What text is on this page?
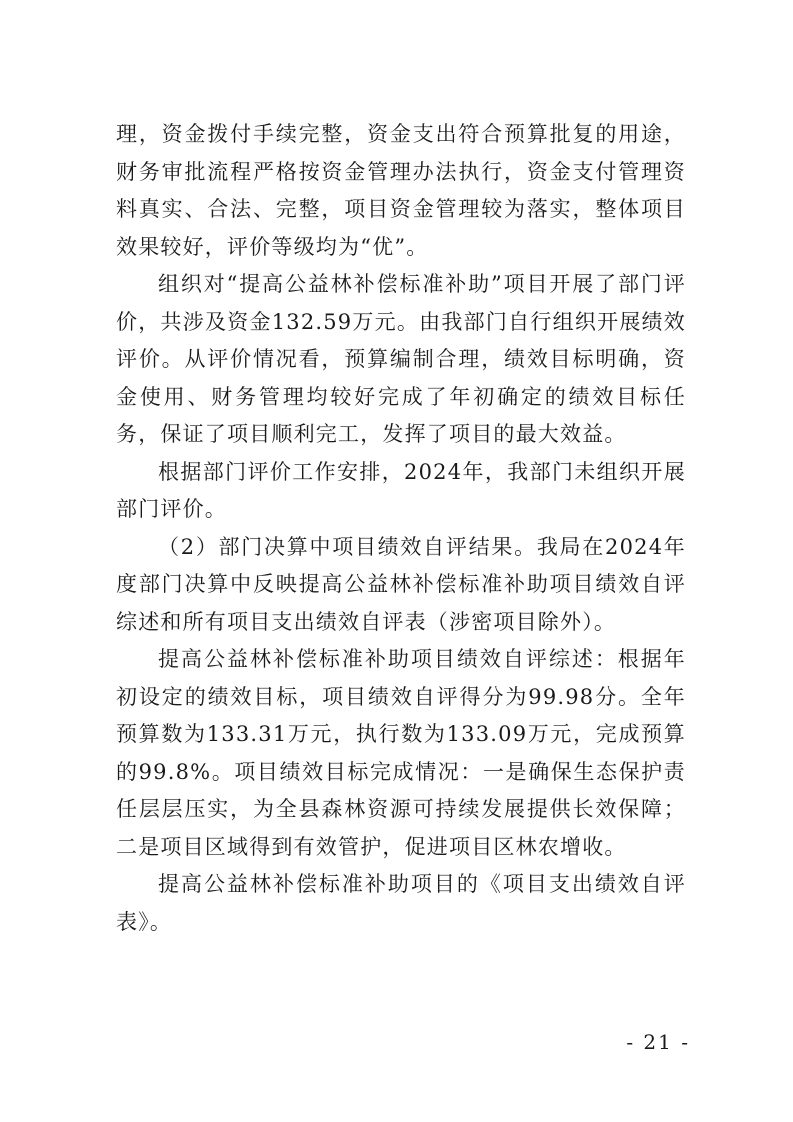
理，资金拨付手续完整，资金支出符合预算批复的用途，财务审批流程严格按资金管理办法执行，资金支付管理资料真实、合法、完整，项目资金管理较为落实，整体项目效果较好，评价等级均为“优”。

组织对“提高公益林补偿标准补助”项目开展了部门评价，共涉及资金132.59万元。由我部门自行组织开展绩效评价。从评价情况看，预算编制合理，绩效目标明确，资金使用、财务管理均较好完成了年初确定的绩效目标任务，保证了项目顺利完工，发挥了项目的最大效益。

根据部门评价工作安排，2024年，我部门未组织开展部门评价。

（2）部门决算中项目绩效自评结果。我局在2024年度部门决算中反映提高公益林补偿标准补助项目绩效自评综述和所有项目支出绩效自评表（涉密项目除外）。

提高公益林补偿标准补助项目绩效自评综述：根据年初设定的绩效目标，项目绩效自评得分为99.98分。全年预算数为133.31万元，执行数为133.09万元，完成预算的99.8%。项目绩效目标完成情况：一是确保生态保护责任层层压实，为全县森林资源可持续发展提供长效保障；二是项目区域得到有效管护，促进项目区林农增收。

提高公益林补偿标准补助项目的《项目支出绩效自评表》。

- 21 -
